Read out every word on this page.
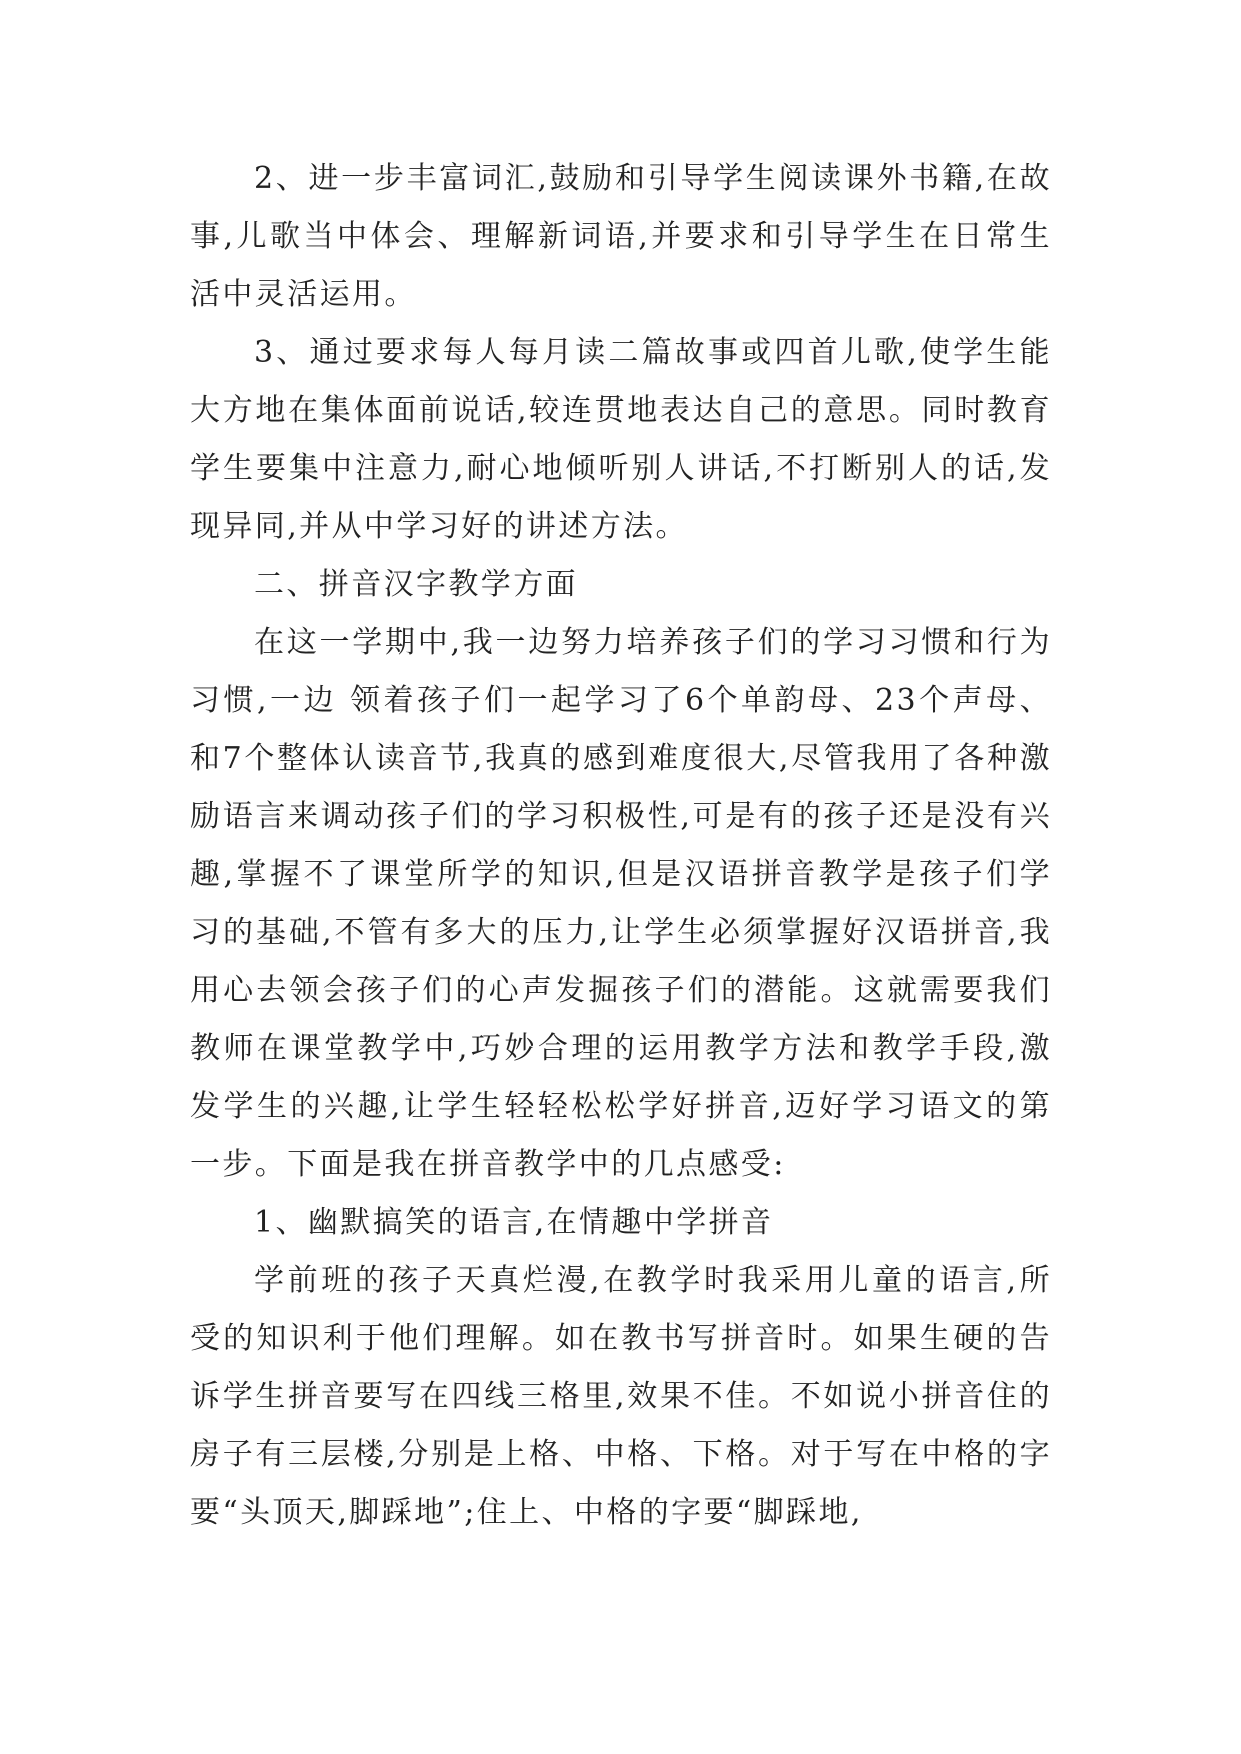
2、进一步丰富词汇,鼓励和引导学生阅读课外书籍,在故事,儿歌当中体会、理解新词语,并要求和引导学生在日常生活中灵活运用。

3、通过要求每人每月读二篇故事或四首儿歌,使学生能大方地在集体面前说话,较连贯地表达自己的意思。同时教育学生要集中注意力,耐心地倾听别人讲话,不打断别人的话,发现异同,并从中学习好的讲述方法。

二、拼音汉字教学方面

在这一学期中,我一边努力培养孩子们的学习习惯和行为习惯,一边 领着孩子们一起学习了6个单韵母、23个声母、和7个整体认读音节,我真的感到难度很大,尽管我用了各种激励语言来调动孩子们的学习积极性,可是有的孩子还是没有兴趣,掌握不了课堂所学的知识,但是汉语拼音教学是孩子们学习的基础,不管有多大的压力,让学生必须掌握好汉语拼音,我用心去领会孩子们的心声发掘孩子们的潜能。这就需要我们教师在课堂教学中,巧妙合理的运用教学方法和教学手段,激发学生的兴趣,让学生轻轻松松学好拼音,迈好学习语文的第一步。下面是我在拼音教学中的几点感受:

1、幽默搞笑的语言,在情趣中学拼音

学前班的孩子天真烂漫,在教学时我采用儿童的语言,所受的知识利于他们理解。如在教书写拼音时。如果生硬的告诉学生拼音要写在四线三格里,效果不佳。不如说小拼音住的房子有三层楼,分别是上格、中格、下格。对于写在中格的字要“头顶天,脚踩地”;住上、中格的字要“脚踩地,
